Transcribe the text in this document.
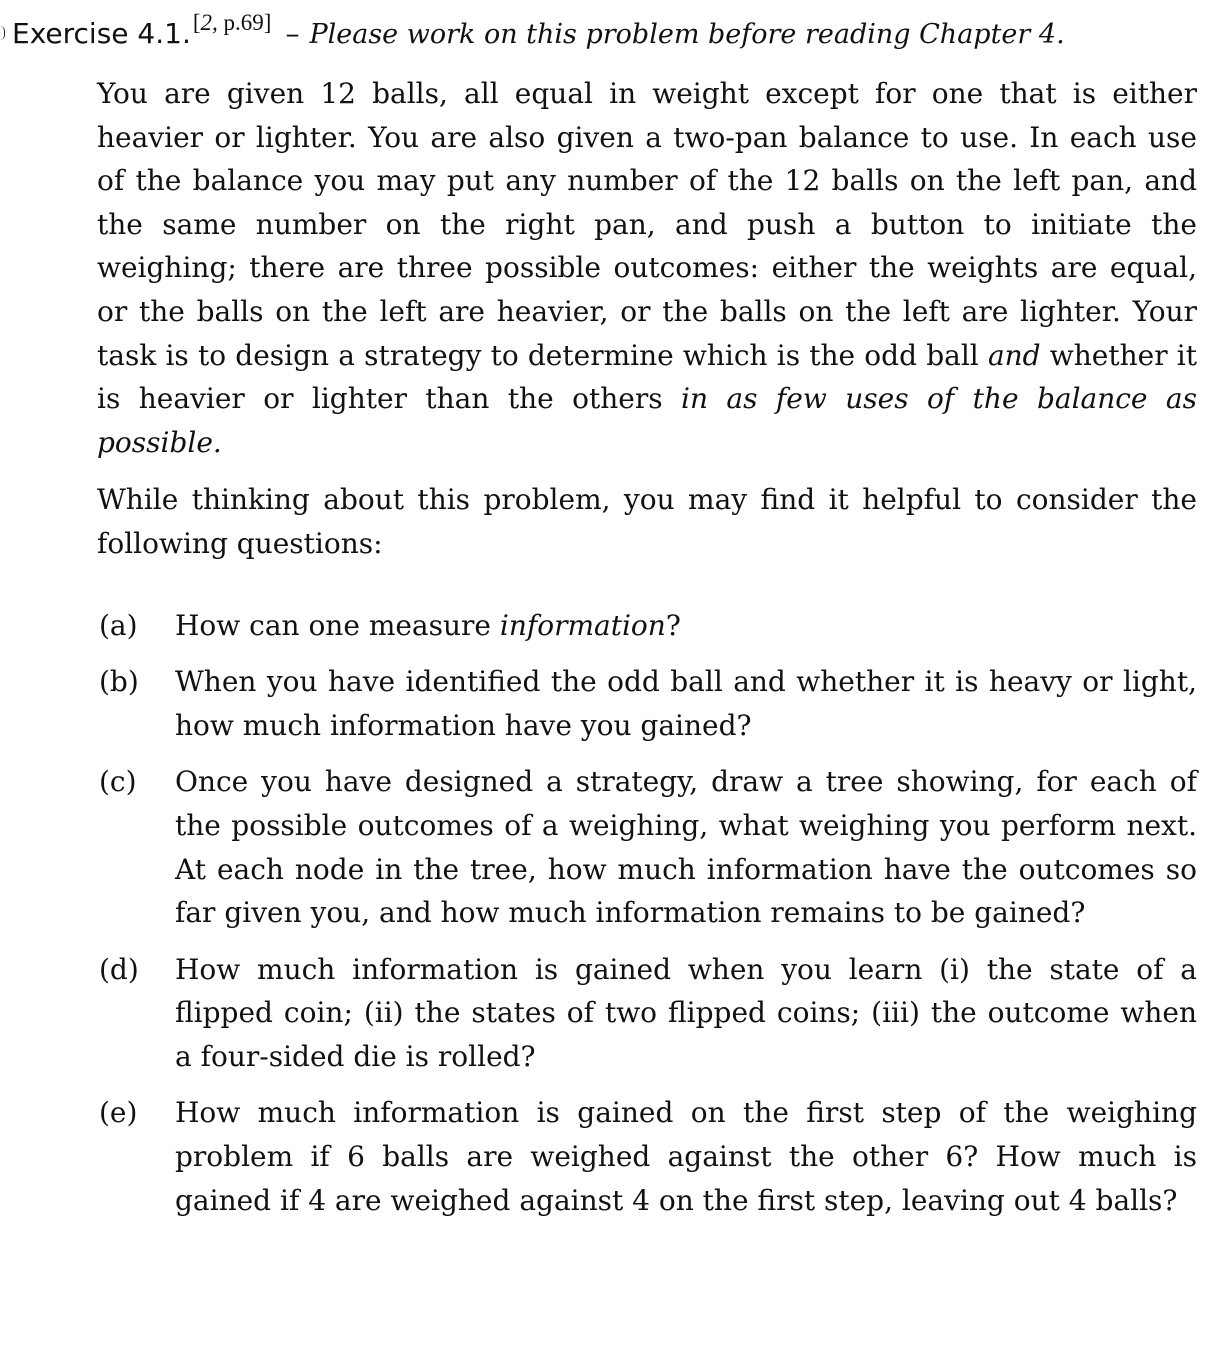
Exercise 4.1.[2, p.69] – Please work on this problem before reading Chapter 4.

You are given 12 balls, all equal in weight except for one that is either heavier or lighter. You are also given a two-pan balance to use. In each use of the balance you may put any number of the 12 balls on the left pan, and the same number on the right pan, and push a button to initiate the weighing; there are three possible outcomes: either the weights are equal, or the balls on the left are heavier, or the balls on the left are lighter. Your task is to design a strategy to determine which is the odd ball and whether it is heavier or lighter than the others in as few uses of the balance as possible.

While thinking about this problem, you may find it helpful to consider the following questions:

(a)	How can one measure information?
(b)	When you have identified the odd ball and whether it is heavy or light, how much information have you gained?
(c)	Once you have designed a strategy, draw a tree showing, for each of the possible outcomes of a weighing, what weighing you perform next. At each node in the tree, how much information have the outcomes so far given you, and how much information remains to be gained?
(d)	How much information is gained when you learn (i) the state of a flipped coin; (ii) the states of two flipped coins; (iii) the outcome when a four-sided die is rolled?
(e)	How much information is gained on the first step of the weighing problem if 6 balls are weighed against the other 6? How much is gained if 4 are weighed against 4 on the first step, leaving out 4 balls?
